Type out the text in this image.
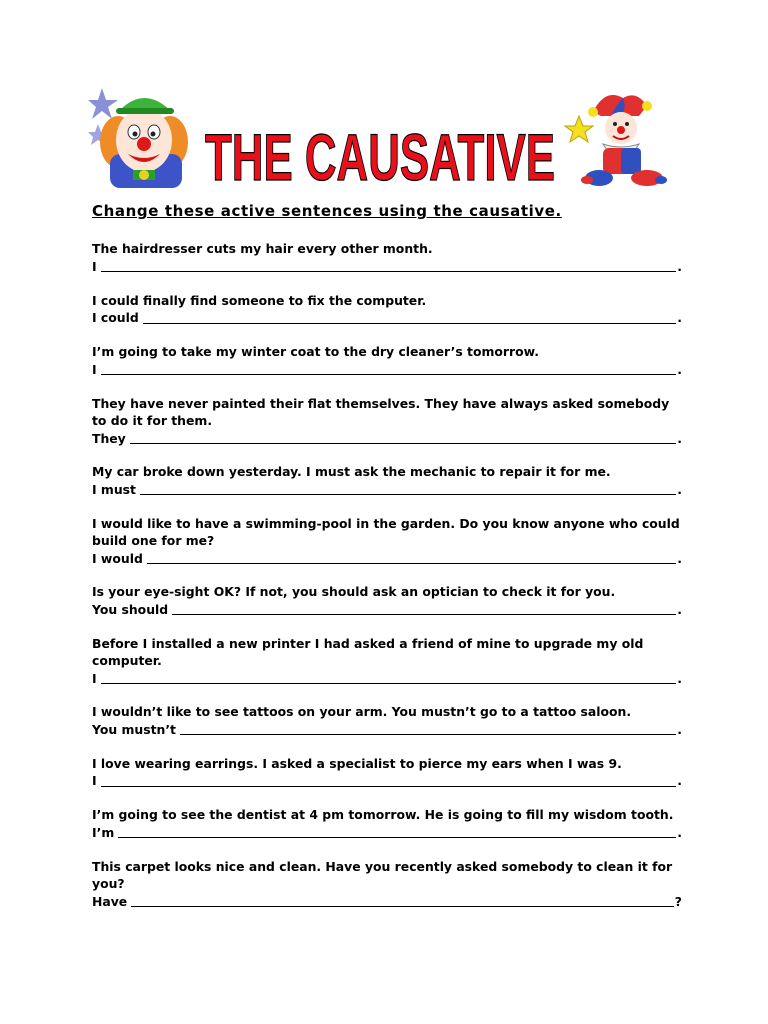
THE CAUSATIVE
Change these active sentences using the causative.

The hairdresser cuts my hair every other month.

I	.

I could finally find someone to fix the computer.

I could	.

I’m going to take my winter coat to the dry cleaner’s tomorrow.

I	.

They have never painted their flat themselves. They have always asked somebody to do it for them.

They	.

My car broke down yesterday. I must ask the mechanic to repair it for me.

I must	.

I would like to have a swimming-pool in the garden. Do you know anyone who could build one for me?

I would	.

Is your eye-sight OK? If not, you should ask an optician to check it for you.

You should	.

Before I installed a new printer I had asked a friend of mine to upgrade my old computer.

I	.

I wouldn’t like to see tattoos on your arm. You mustn’t go to a tattoo saloon.

You mustn’t	.

I love wearing earrings. I asked a specialist to pierce my ears when I was 9.

I	.

I’m going to see the dentist at 4 pm tomorrow. He is going to fill my wisdom tooth.

I’m	.

This carpet looks nice and clean. Have you recently asked somebody to clean it for you?

Have	?
